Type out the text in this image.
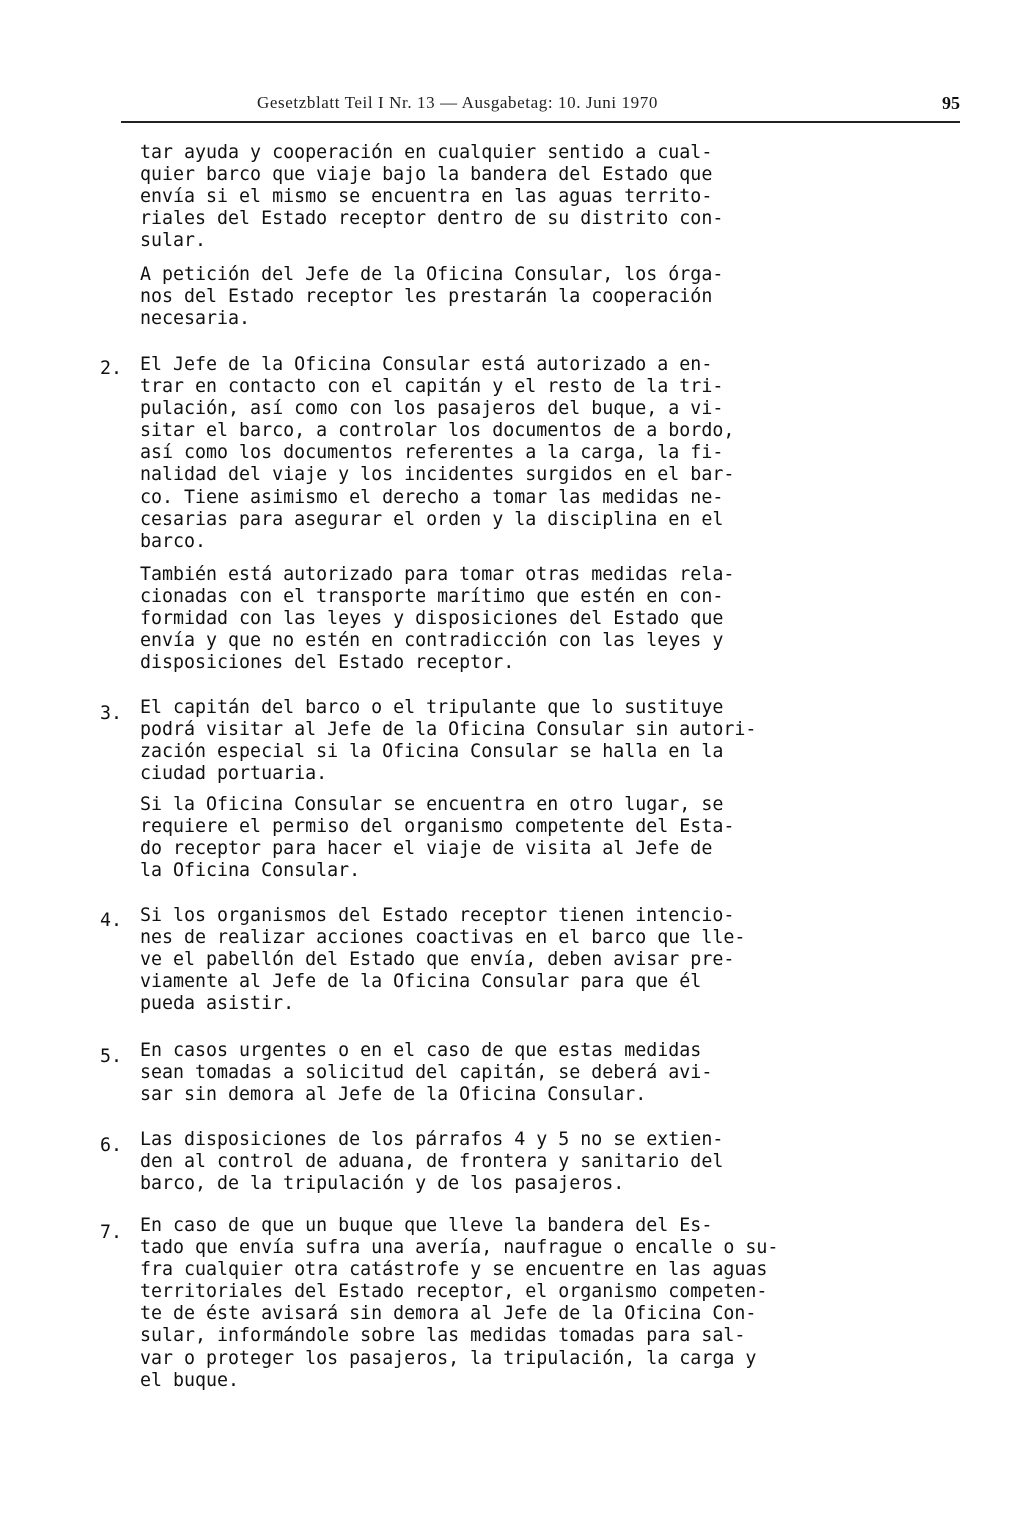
Gesetzblatt Teil I Nr. 13 — Ausgabetag: 10. Juni 1970	95

tar ayuda y cooperación en cualquier sentido a cual-
quier barco que viaje bajo la bandera del Estado que
envía si el mismo se encuentra en las aguas territo-
riales del Estado receptor dentro de su distrito con-
sular.

A petición del Jefe de la Oficina Consular, los órga-
nos del Estado receptor les prestarán la cooperación
necesaria.

2. El Jefe de la Oficina Consular está autorizado a en-
trar en contacto con el capitán y el resto de la tri-
pulación, así como con los pasajeros del buque, a vi-
sitar el barco, a controlar los documentos de a bordo,
así como los documentos referentes a la carga, la fi-
nalidad del viaje y los incidentes surgidos en el bar-
co. Tiene asimismo el derecho a tomar las medidas ne-
cesarias para asegurar el orden y la disciplina en el
barco.

También está autorizado para tomar otras medidas rela-
cionadas con el transporte marítimo que estén en con-
formidad con las leyes y disposiciones del Estado que
envía y que no estén en contradicción con las leyes y
disposiciones del Estado receptor.

3. El capitán del barco o el tripulante que lo sustituye
podrá visitar al Jefe de la Oficina Consular sin autori-
zación especial si la Oficina Consular se halla en la
ciudad portuaria.

Si la Oficina Consular se encuentra en otro lugar, se
requiere el permiso del organismo competente del Esta-
do receptor para hacer el viaje de visita al Jefe de
la Oficina Consular.

4. Si los organismos del Estado receptor tienen intencio-
nes de realizar acciones coactivas en el barco que lle-
ve el pabellón del Estado que envía, deben avisar pre-
viamente al Jefe de la Oficina Consular para que él
pueda asistir.

5. En casos urgentes o en el caso de que estas medidas
sean tomadas a solicitud del capitán, se deberá avi-
sar sin demora al Jefe de la Oficina Consular.

6. Las disposiciones de los párrafos 4 y 5 no se extien-
den al control de aduana, de frontera y sanitario del
barco, de la tripulación y de los pasajeros.

7. En caso de que un buque que lleve la bandera del Es-
tado que envía sufra una avería, naufrague o encalle o su-
fra cualquier otra catástrofe y se encuentre en las aguas
territoriales del Estado receptor, el organismo competen-
te de éste avisará sin demora al Jefe de la Oficina Con-
sular, informándole sobre las medidas tomadas para sal-
var o proteger los pasajeros, la tripulación, la carga y
el buque.
